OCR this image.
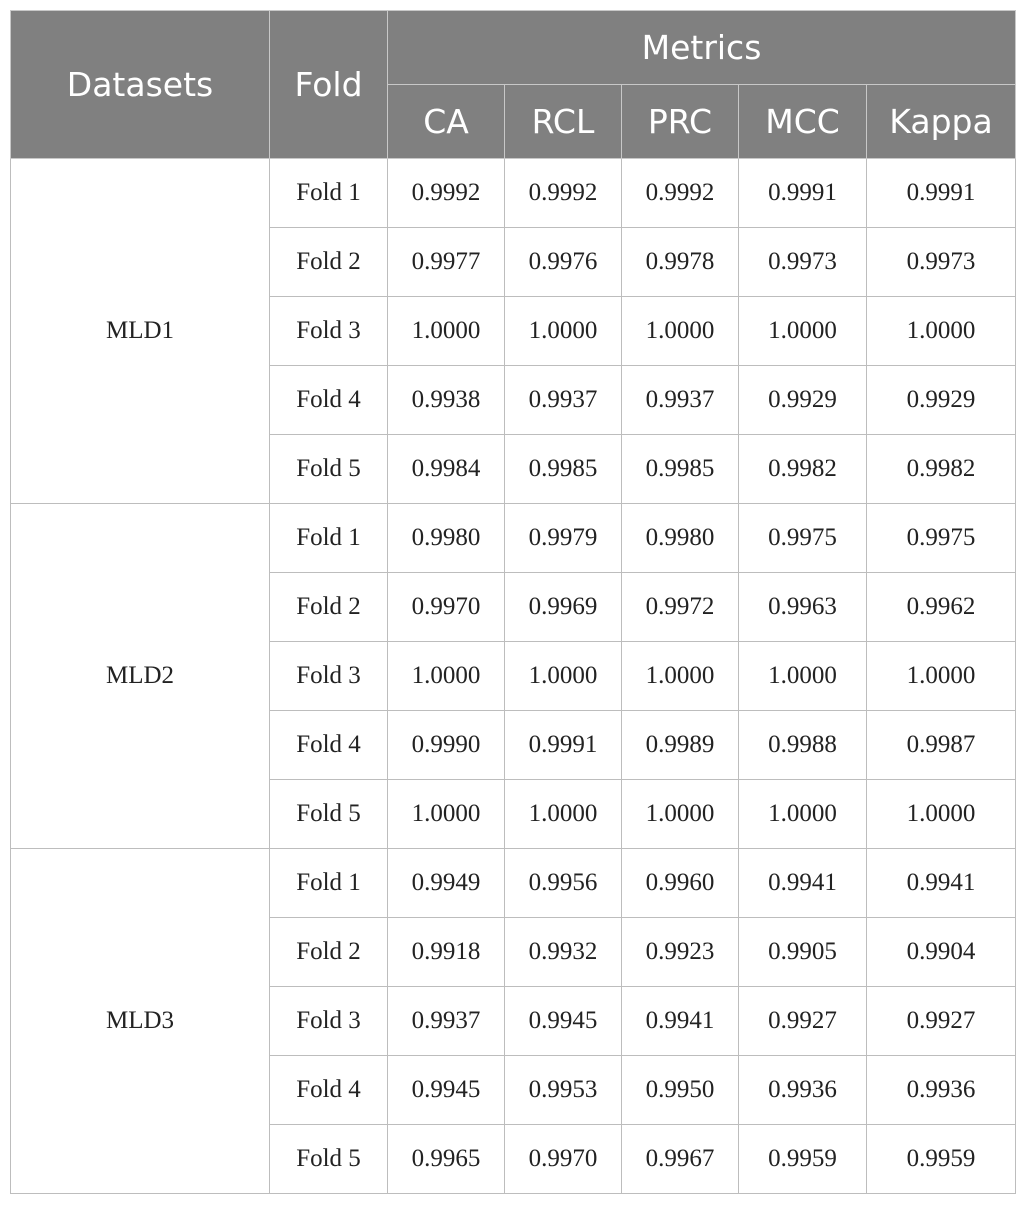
Datasets	Fold	Metrics				
		CA	RCL	PRC	MCC	Kappa
MLD1	Fold 1	0.9992	0.9992	0.9992	0.9991	0.9991
	Fold 2	0.9977	0.9976	0.9978	0.9973	0.9973
	Fold 3	1.0000	1.0000	1.0000	1.0000	1.0000
	Fold 4	0.9938	0.9937	0.9937	0.9929	0.9929
	Fold 5	0.9984	0.9985	0.9985	0.9982	0.9982
MLD2	Fold 1	0.9980	0.9979	0.9980	0.9975	0.9975
	Fold 2	0.9970	0.9969	0.9972	0.9963	0.9962
	Fold 3	1.0000	1.0000	1.0000	1.0000	1.0000
	Fold 4	0.9990	0.9991	0.9989	0.9988	0.9987
	Fold 5	1.0000	1.0000	1.0000	1.0000	1.0000
MLD3	Fold 1	0.9949	0.9956	0.9960	0.9941	0.9941
	Fold 2	0.9918	0.9932	0.9923	0.9905	0.9904
	Fold 3	0.9937	0.9945	0.9941	0.9927	0.9927
	Fold 4	0.9945	0.9953	0.9950	0.9936	0.9936
	Fold 5	0.9965	0.9970	0.9967	0.9959	0.9959
